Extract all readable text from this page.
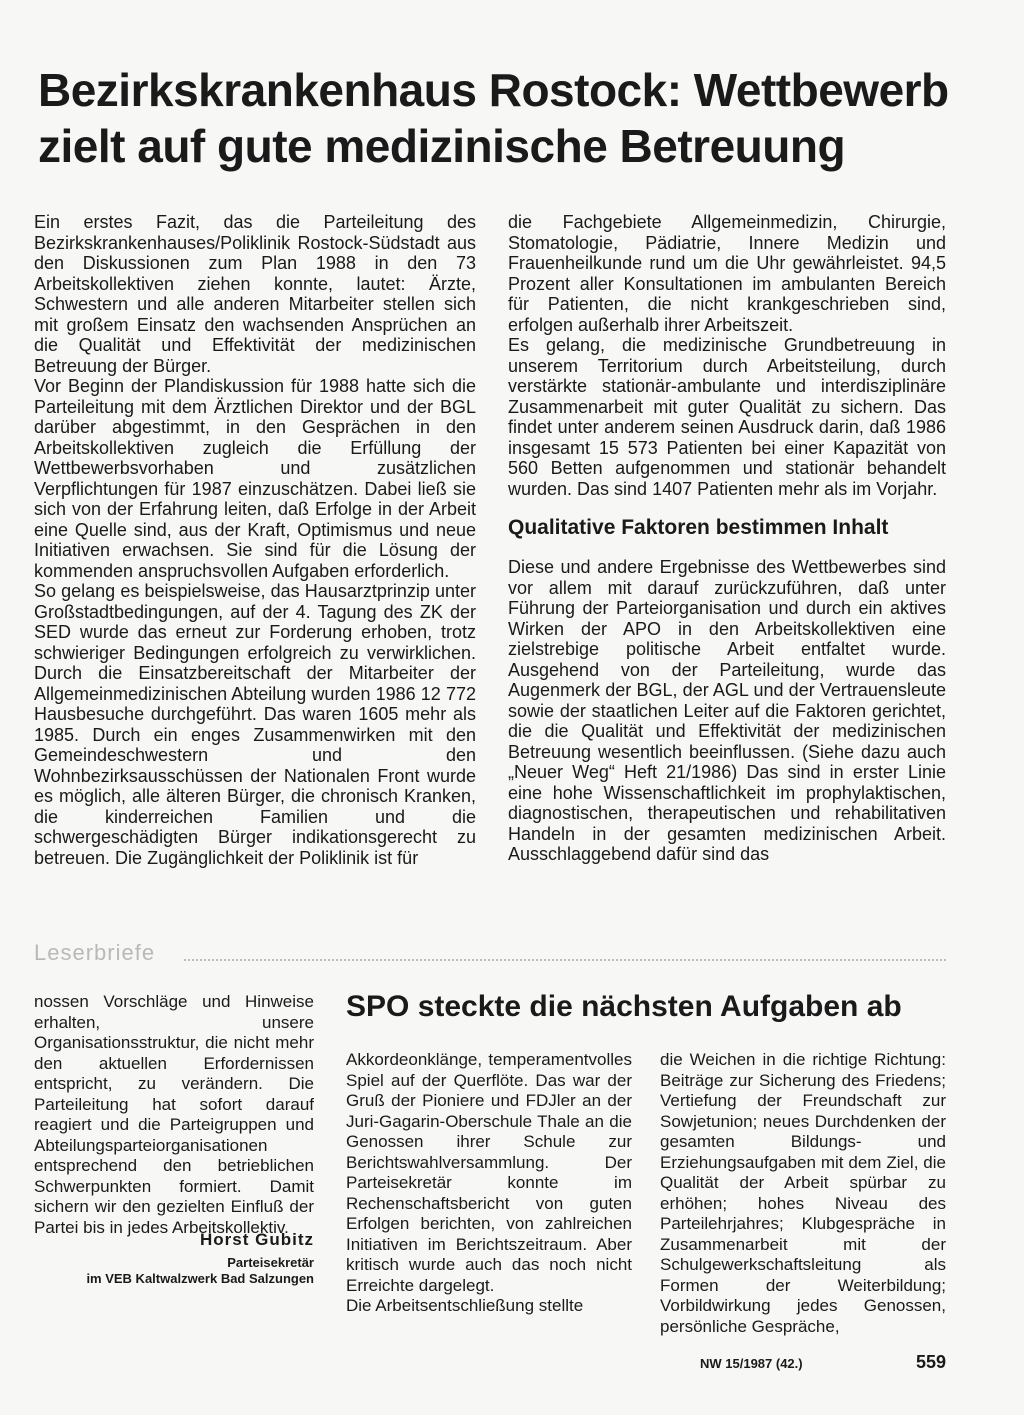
Bezirkskrankenhaus Rostock: Wettbewerb zielt auf gute medizinische Betreuung

Ein erstes Fazit, das die Parteileitung des Bezirkskrankenhauses/Poliklinik Rostock-Südstadt aus den Diskussionen zum Plan 1988 in den 73 Arbeitskollektiven ziehen konnte, lautet: Ärzte, Schwestern und alle anderen Mitarbeiter stellen sich mit großem Einsatz den wachsenden Ansprüchen an die Qualität und Effektivität der medizinischen Betreuung der Bürger.

Vor Beginn der Plandiskussion für 1988 hatte sich die Parteileitung mit dem Ärztlichen Direktor und der BGL darüber abgestimmt, in den Gesprächen in den Arbeitskollektiven zugleich die Erfüllung der Wettbewerbsvorhaben und zusätzlichen Verpflichtungen für 1987 einzuschätzen. Dabei ließ sie sich von der Erfahrung leiten, daß Erfolge in der Arbeit eine Quelle sind, aus der Kraft, Optimismus und neue Initiativen erwachsen. Sie sind für die Lösung der kommenden anspruchsvollen Aufgaben erforderlich.

So gelang es beispielsweise, das Hausarztprinzip unter Großstadtbedingungen, auf der 4. Tagung des ZK der SED wurde das erneut zur Forderung erhoben, trotz schwieriger Bedingungen erfolgreich zu verwirklichen. Durch die Einsatzbereitschaft der Mitarbeiter der Allgemeinmedizinischen Abteilung wurden 1986 12 772 Hausbesuche durchgeführt. Das waren 1605 mehr als 1985. Durch ein enges Zusammenwirken mit den Gemeindeschwestern und den Wohnbezirksausschüssen der Nationalen Front wurde es möglich, alle älteren Bürger, die chronisch Kranken, die kinderreichen Familien und die schwergeschädigten Bürger indikationsgerecht zu betreuen. Die Zugänglichkeit der Poliklinik ist für

die Fachgebiete Allgemeinmedizin, Chirurgie, Stomatologie, Pädiatrie, Innere Medizin und Frauenheilkunde rund um die Uhr gewährleistet. 94,5 Prozent aller Konsultationen im ambulanten Bereich für Patienten, die nicht krankgeschrieben sind, erfolgen außerhalb ihrer Arbeitszeit.

Es gelang, die medizinische Grundbetreuung in unserem Territorium durch Arbeitsteilung, durch verstärkte stationär-ambulante und interdisziplinäre Zusammenarbeit mit guter Qualität zu sichern. Das findet unter anderem seinen Ausdruck darin, daß 1986 insgesamt 15 573 Patienten bei einer Kapazität von 560 Betten aufgenommen und stationär behandelt wurden. Das sind 1407 Patienten mehr als im Vorjahr.

Qualitative Faktoren bestimmen Inhalt

Diese und andere Ergebnisse des Wettbewerbes sind vor allem mit darauf zurückzuführen, daß unter Führung der Parteiorganisation und durch ein aktives Wirken der APO in den Arbeitskollektiven eine zielstrebige politische Arbeit entfaltet wurde. Ausgehend von der Parteileitung, wurde das Augenmerk der BGL, der AGL und der Vertrauensleute sowie der staatlichen Leiter auf die Faktoren gerichtet, die die Qualität und Effektivität der medizinischen Betreuung wesentlich beeinflussen. (Siehe dazu auch „Neuer Weg“ Heft 21/1986) Das sind in erster Linie eine hohe Wissenschaftlichkeit im prophylaktischen, diagnostischen, therapeutischen und rehabilitativen Handeln in der gesamten medizinischen Arbeit. Ausschlaggebend dafür sind das

Leserbriefe

nossen Vorschläge und Hinweise erhalten, unsere Organisationsstruktur, die nicht mehr den aktuellen Erfordernissen entspricht, zu verändern. Die Parteileitung hat sofort darauf reagiert und die Parteigruppen und Abteilungsparteiorganisationen entsprechend den betrieblichen Schwerpunkten formiert. Damit sichern wir den gezielten Einfluß der Partei bis in jedes Arbeitskollektiv.

Horst Gubitz
Parteisekretär
im VEB Kaltwalzwerk Bad Salzungen
SPO steckte die nächsten Aufgaben ab

Akkordeonklänge, temperamentvolles Spiel auf der Querflöte. Das war der Gruß der Pioniere und FDJler an der Juri-Gagarin-Oberschule Thale an die Genossen ihrer Schule zur Berichtswahlversammlung. Der Parteisekretär konnte im Rechenschaftsbericht von guten Erfolgen berichten, von zahlreichen Initiativen im Berichtszeitraum. Aber kritisch wurde auch das noch nicht Erreichte dargelegt.

Die Arbeitsentschließung stellte

die Weichen in die richtige Richtung: Beiträge zur Sicherung des Friedens; Vertiefung der Freundschaft zur Sowjetunion; neues Durchdenken der gesamten Bildungs- und Erziehungsaufgaben mit dem Ziel, die Qualität der Arbeit spürbar zu erhöhen; hohes Niveau des Parteilehrjahres; Klubgespräche in Zusammenarbeit mit der Schulgewerkschaftsleitung als Formen der Weiterbildung; Vorbildwirkung jedes Genossen, persönliche Gespräche,

NW 15/1987 (42.)	559
